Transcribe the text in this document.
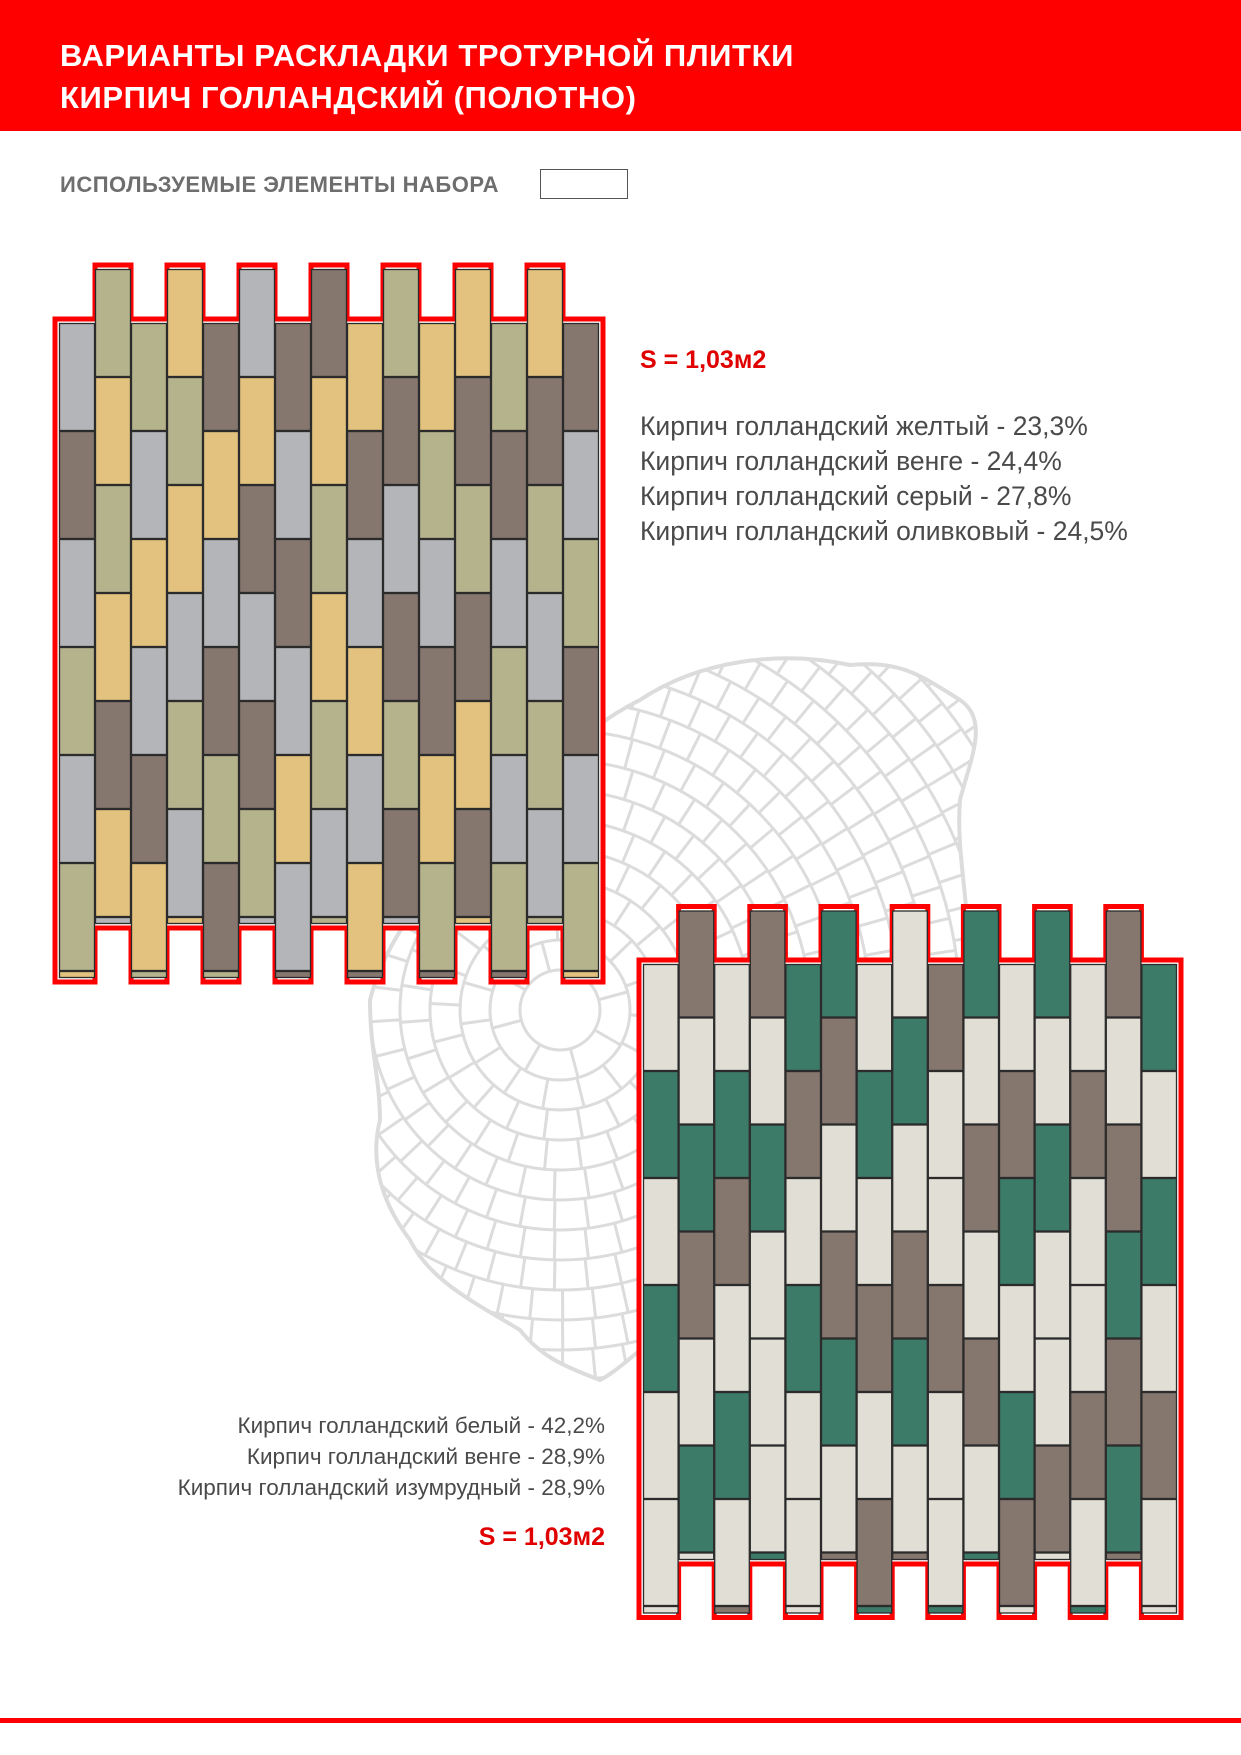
ВАРИАНТЫ РАСКЛАДКИ ТРОТУРНОЙ ПЛИТКИ
КИРПИЧ ГОЛЛАНДСКИЙ (ПОЛОТНО)

ИСПОЛЬЗУЕМЫЕ ЭЛЕМЕНТЫ НАБОРА

S = 1,03м2

Кирпич голландский желтый - 23,3%
Кирпич голландский венге - 24,4%
Кирпич голландский серый - 27,8%
Кирпич голландский оливковый - 24,5%
Кирпич голландский белый - 42,2%
Кирпич голландский венге - 28,9%
Кирпич голландский изумрудный - 28,9%

S = 1,03м2
